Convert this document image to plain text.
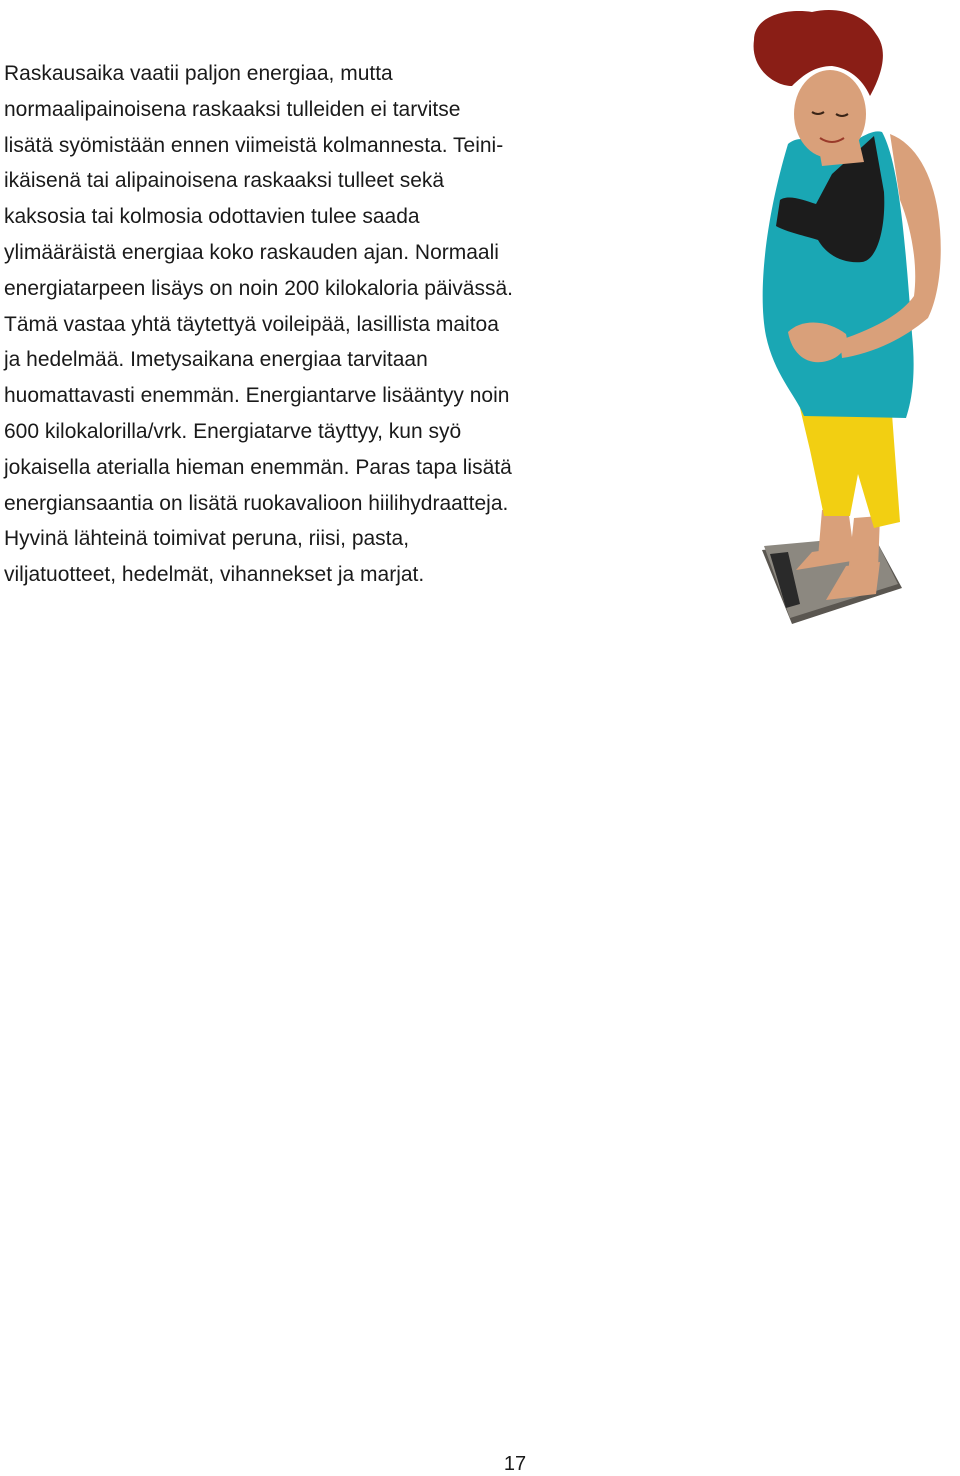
Raskausaika vaatii paljon energiaa, mutta
normaalipainoisena raskaaksi tulleiden ei tarvitse
lisätä syömistään ennen viimeistä kolmannesta. Teini-
ikäisenä tai alipainoisena raskaaksi tulleet sekä
kaksosia tai kolmosia odottavien tulee saada
ylimääräistä energiaa koko raskauden ajan. Normaali
energiatarpeen lisäys on noin 200 kilokaloria päivässä.
Tämä vastaa yhtä täytettyä voileipää, lasillista maitoa
ja hedelmää. Imetysaikana energiaa tarvitaan
huomattavasti enemmän. Energiantarve lisääntyy noin
600 kilokalorilla/vrk. Energiatarve täyttyy, kun syö
jokaisella aterialla hieman enemmän. Paras tapa lisätä
energiansaantia on lisätä ruokavalioon hiilihydraatteja.
Hyvinä lähteinä toimivat peruna, riisi, pasta,
viljatuotteet, hedelmät, vihannekset ja marjat.
17
